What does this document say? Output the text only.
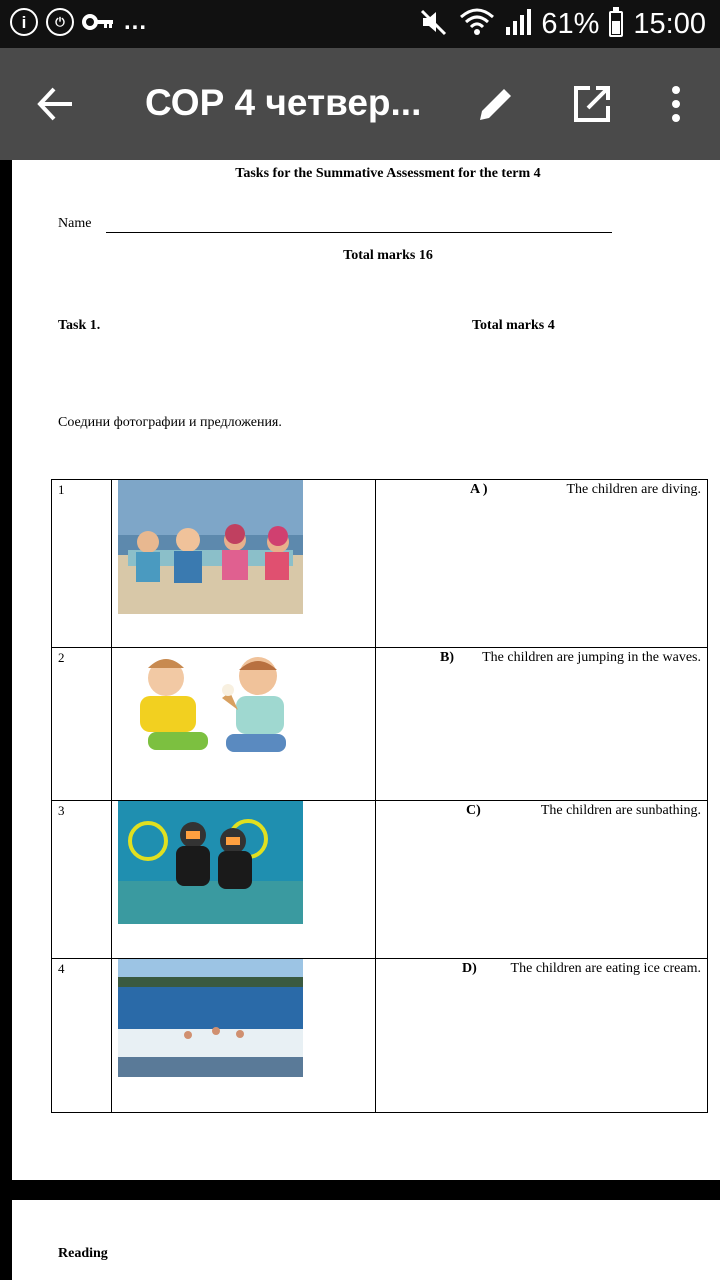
i	⏻	...	61% 15:00
СОР 4 четвер...
Tasks for the Summative Assessment for the term 4
Name
Total marks 16
Task 1.	Total marks 4
Соедини фотографии и предложения.
1		A ) The children are diving.

2		B) The children are jumping in the waves.

3		C) The children are sunbathing.

4		D) The children are eating ice cream.
Reading
